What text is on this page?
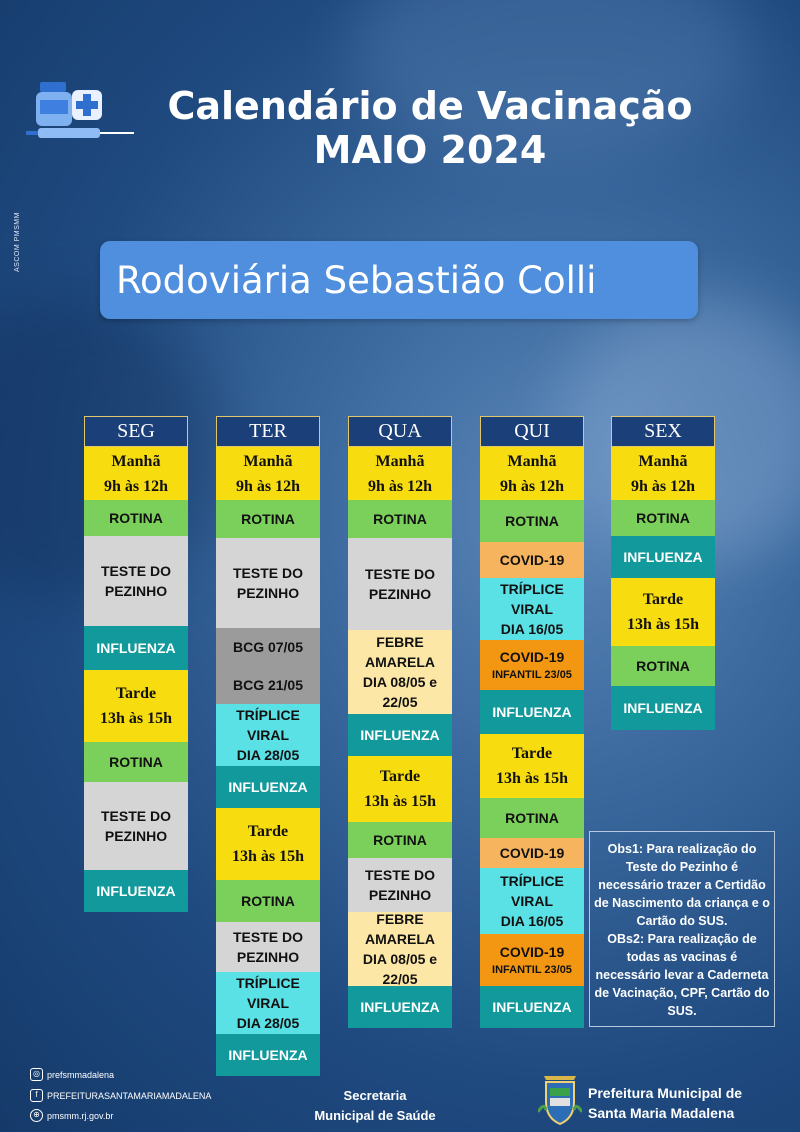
Calendário de Vacinação
MAIO 2024
ASCOM PMSMM
Rodoviária Sebastião Colli
SEG
Manhã
9h às 12h
ROTINA
TESTE DO
PEZINHO
INFLUENZA
Tarde
13h às 15h
ROTINA
TESTE DO
PEZINHO
INFLUENZA
TER
Manhã
9h às 12h
ROTINA
TESTE DO
PEZINHO
BCG 07/05
BCG 21/05
TRÍPLICE
VIRAL
DIA 28/05
INFLUENZA
Tarde
13h às 15h
ROTINA
TESTE DO
PEZINHO
TRÍPLICE
VIRAL
DIA 28/05
INFLUENZA
QUA
Manhã
9h às 12h
ROTINA
TESTE DO
PEZINHO
FEBRE
AMARELA
DIA 08/05 e
22/05
INFLUENZA
Tarde
13h às 15h
ROTINA
TESTE DO
PEZINHO
FEBRE
AMARELA
DIA 08/05 e
22/05
INFLUENZA
QUI
Manhã
9h às 12h
ROTINA
COVID-19
TRÍPLICE
VIRAL
DIA 16/05
COVID-19
INFANTIL 23/05
INFLUENZA
Tarde
13h às 15h
ROTINA
COVID-19
TRÍPLICE
VIRAL
DIA 16/05
COVID-19
INFANTIL 23/05
INFLUENZA
SEX
Manhã
9h às 12h
ROTINA
INFLUENZA
Tarde
13h às 15h
ROTINA
INFLUENZA
Obs1: Para realização do Teste do Pezinho é necessário trazer a Certidão de Nascimento da criança e o Cartão do SUS.
OBs2: Para realização de todas as vacinas é necessário levar a Caderneta de Vacinação, CPF, Cartão do SUS.
◎ prefsmmadalena
f	PREFEITURASANTAMARIAMADALENA
⊕ pmsmm.rj.gov.br
Secretaria
Municipal de Saúde
Prefeitura Municipal de
Santa Maria Madalena
